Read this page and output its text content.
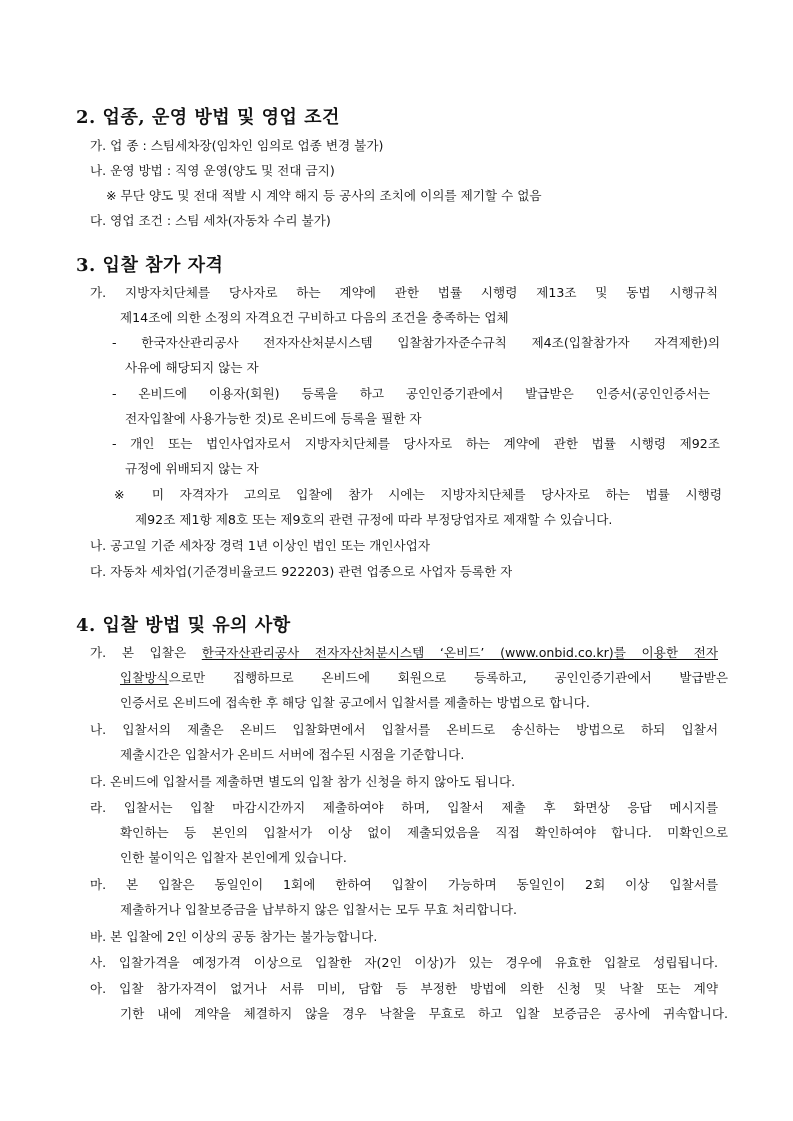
2. 업종, 운영 방법 및 영업 조건

가. 업 종 : 스팀세차장(임차인 임의로 업종 변경 불가)

나. 운영 방법 : 직영 운영(양도 및 전대 금지)

※ 무단 양도 및 전대 적발 시 계약 해지 등 공사의 조치에 이의를 제기할 수 없음

다. 영업 조건 : 스팀 세차(자동차 수리 불가)

3. 입찰 참가 자격

가. 지방자치단체를 당사자로 하는 계약에 관한 법률 시행령 제13조 및 동법 시행규칙

제14조에 의한 소정의 자격요건 구비하고 다음의 조건을 충족하는 업체

- 한국자산관리공사 전자자산처분시스템 입찰참가자준수규칙 제4조(입찰참가자 자격제한)의

사유에 해당되지 않는 자

- 온비드에 이용자(회원) 등록을 하고 공인인증기관에서 발급받은 인증서(공인인증서는

전자입찰에 사용가능한 것)로 온비드에 등록을 필한 자

- 개인 또는 법인사업자로서 지방자치단체를 당사자로 하는 계약에 관한 법률 시행령 제92조

규정에 위배되지 않는 자

※ 미 자격자가 고의로 입찰에 참가 시에는 지방자치단체를 당사자로 하는 법률 시행령

제92조 제1항 제8호 또는 제9호의 관련 규정에 따라 부정당업자로 제재할 수 있습니다.

나. 공고일 기준 세차장 경력 1년 이상인 법인 또는 개인사업자

다. 자동차 세차업(기준경비율코드 922203) 관련 업종으로 사업자 등록한 자

4. 입찰 방법 및 유의 사항

가. 본 입찰은 한국자산관리공사 전자자산처분시스템 ‘온비드’ (www.onbid.co.kr)를 이용한 전자

입찰방식으로만 집행하므로 온비드에 회원으로 등록하고, 공인인증기관에서 발급받은

인증서로 온비드에 접속한 후 해당 입찰 공고에서 입찰서를 제출하는 방법으로 합니다.

나. 입찰서의 제출은 온비드 입찰화면에서 입찰서를 온비드로 송신하는 방법으로 하되 입찰서

제출시간은 입찰서가 온비드 서버에 접수된 시점을 기준합니다.

다. 온비드에 입찰서를 제출하면 별도의 입찰 참가 신청을 하지 않아도 됩니다.

라. 입찰서는 입찰 마감시간까지 제출하여야 하며, 입찰서 제출 후 화면상 응답 메시지를

확인하는 등 본인의 입찰서가 이상 없이 제출되었음을 직접 확인하여야 합니다. 미확인으로

인한 불이익은 입찰자 본인에게 있습니다.

마. 본 입찰은 동일인이 1회에 한하여 입찰이 가능하며 동일인이 2회 이상 입찰서를

제출하거나 입찰보증금을 납부하지 않은 입찰서는 모두 무효 처리합니다.

바. 본 입찰에 2인 이상의 공동 참가는 불가능합니다.

사. 입찰가격을 예정가격 이상으로 입찰한 자(2인 이상)가 있는 경우에 유효한 입찰로 성립됩니다.

아. 입찰 참가자격이 없거나 서류 미비, 담합 등 부정한 방법에 의한 신청 및 낙찰 또는 계약

기한 내에 계약을 체결하지 않을 경우 낙찰을 무효로 하고 입찰 보증금은 공사에 귀속합니다.
